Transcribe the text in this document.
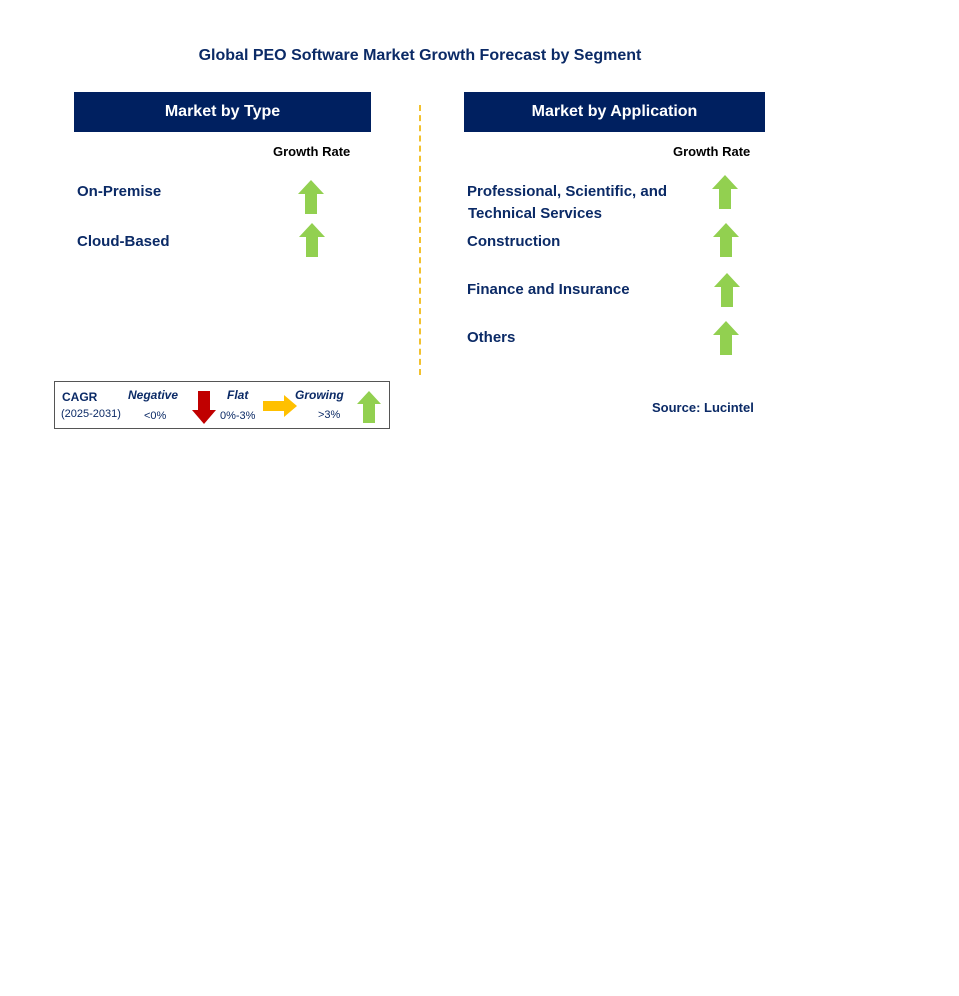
Global PEO Software Market Growth Forecast by Segment
Market by Type
Growth Rate
On-Premise
Cloud-Based
Market by Application
Growth Rate
Professional, Scientific, and
Technical Services
Construction
Finance and Insurance
Others
CAGR
(2025-2031)
Negative
<0%
Flat
0%-3%
Growing
>3%	Source: Lucintel
